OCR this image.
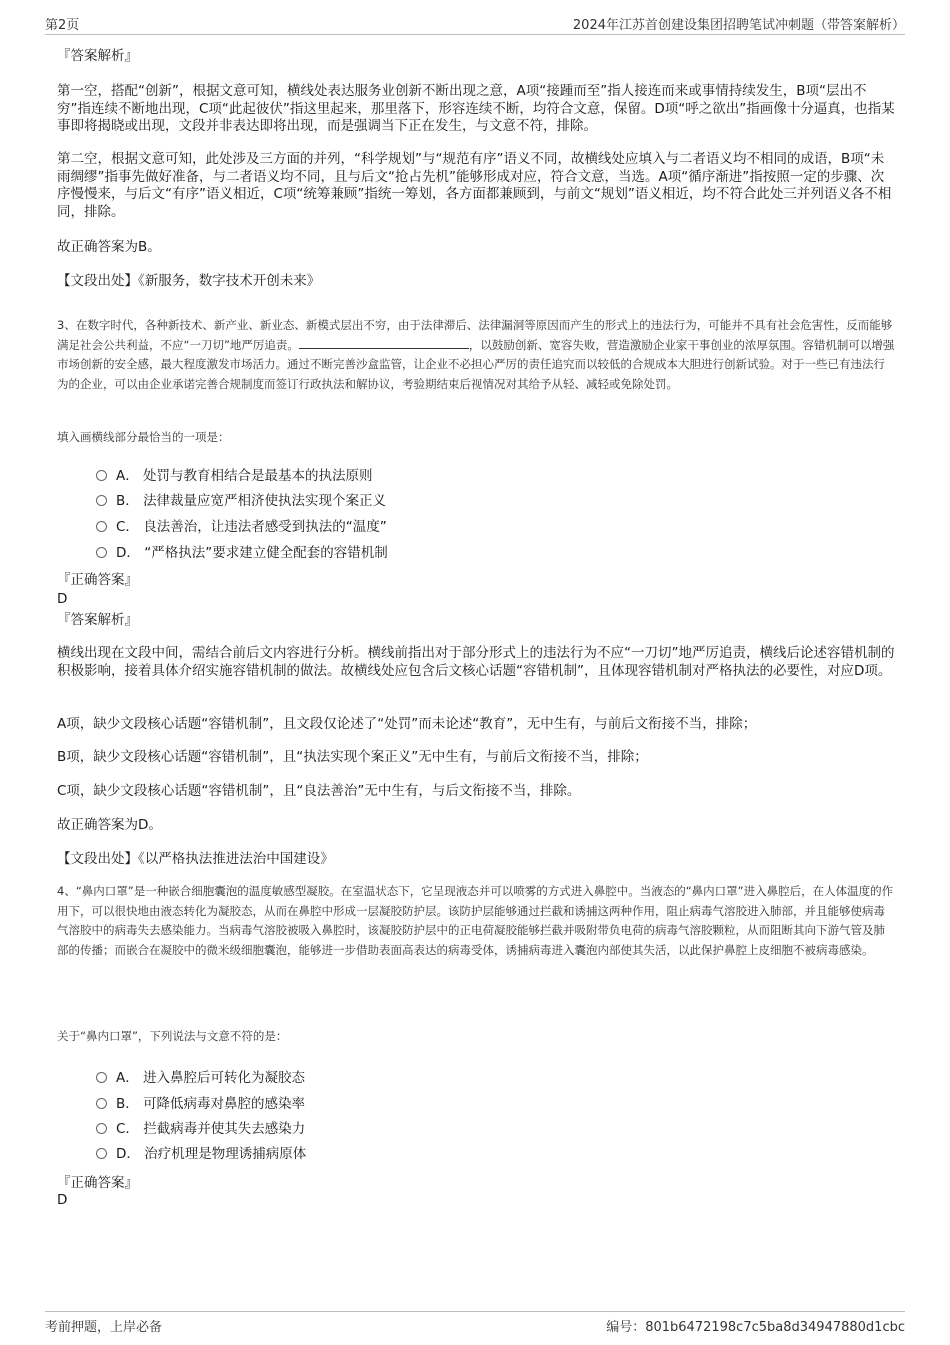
第2页	2024年江苏首创建设集团招聘笔试冲刺题（带答案解析）

『答案解析』

第一空，搭配“创新”，根据文意可知，横线处表达服务业创新不断出现之意，A项“接踵而至”指人接连而来或事情持续发生，B项“层出不穷”指连续不断地出现，C项“此起彼伏”指这里起来，那里落下，形容连续不断，均符合文意，保留。D项“呼之欲出”指画像十分逼真，也指某事即将揭晓或出现，文段并非表达即将出现，而是强调当下正在发生，与文意不符，排除。

第二空，根据文意可知，此处涉及三方面的并列，“科学规划”与“规范有序”语义不同，故横线处应填入与二者语义均不相同的成语，B项“未雨绸缪”指事先做好准备，与二者语义均不同，且与后文“抢占先机”能够形成对应，符合文意，当选。A项“循序渐进”指按照一定的步骤、次序慢慢来，与后文“有序”语义相近，C项“统筹兼顾”指统一筹划，各方面都兼顾到，与前文“规划”语义相近，均不符合此处三并列语义各不相同，排除。

故正确答案为B。

【文段出处】《新服务，数字技术开创未来》

3、在数字时代，各种新技术、新产业、新业态、新模式层出不穷，由于法律滞后、法律漏洞等原因而产生的形式上的违法行为，可能并不具有社会危害性，反而能够满足社会公共利益，不应“一刀切”地严厉追责。	，以鼓励创新、宽容失败，营造激励企业家干事创业的浓厚氛围。容错机制可以增强市场创新的安全感，最大程度激发市场活力。通过不断完善沙盒监管，让企业不必担心严厉的责任追究而以较低的合规成本大胆进行创新试验。对于一些已有违法行为的企业，可以由企业承诺完善合规制度而签订行政执法和解协议，考验期结束后视情况对其给予从轻、减轻或免除处罚。

填入画横线部分最恰当的一项是：

A． 处罚与教育相结合是最基本的执法原则
B． 法律裁量应宽严相济使执法实现个案正义
C． 良法善治，让违法者感受到执法的“温度”
D． “严格执法”要求建立健全配套的容错机制

『正确答案』

D

『答案解析』

横线出现在文段中间，需结合前后文内容进行分析。横线前指出对于部分形式上的违法行为不应“一刀切”地严厉追责，横线后论述容错机制的积极影响，接着具体介绍实施容错机制的做法。故横线处应包含后文核心话题“容错机制”，且体现容错机制对严格执法的必要性，对应D项。

A项，缺少文段核心话题“容错机制”，且文段仅论述了“处罚”而未论述“教育”，无中生有，与前后文衔接不当，排除；

B项，缺少文段核心话题“容错机制”，且“执法实现个案正义”无中生有，与前后文衔接不当，排除；

C项，缺少文段核心话题“容错机制”，且“良法善治”无中生有，与后文衔接不当，排除。

故正确答案为D。

【文段出处】《以严格执法推进法治中国建设》

4、“鼻内口罩”是一种嵌合细胞囊泡的温度敏感型凝胶。在室温状态下，它呈现液态并可以喷雾的方式进入鼻腔中。当液态的“鼻内口罩”进入鼻腔后，在人体温度的作用下，可以很快地由液态转化为凝胶态，从而在鼻腔中形成一层凝胶防护层。该防护层能够通过拦截和诱捕这两种作用，阻止病毒气溶胶进入肺部，并且能够使病毒气溶胶中的病毒失去感染能力。当病毒气溶胶被吸入鼻腔时，该凝胶防护层中的正电荷凝胶能够拦截并吸附带负电荷的病毒气溶胶颗粒，从而阻断其向下游气管及肺部的传播；而嵌合在凝胶中的微米级细胞囊泡，能够进一步借助表面高表达的病毒受体，诱捕病毒进入囊泡内部使其失活，以此保护鼻腔上皮细胞不被病毒感染。

关于“鼻内口罩”，下列说法与文意不符的是：

A． 进入鼻腔后可转化为凝胶态
B． 可降低病毒对鼻腔的感染率
C． 拦截病毒并使其失去感染力
D． 治疗机理是物理诱捕病原体

『正确答案』

D

考前押题，上岸必备	编号：801b6472198c7c5ba8d34947880d1cbc
